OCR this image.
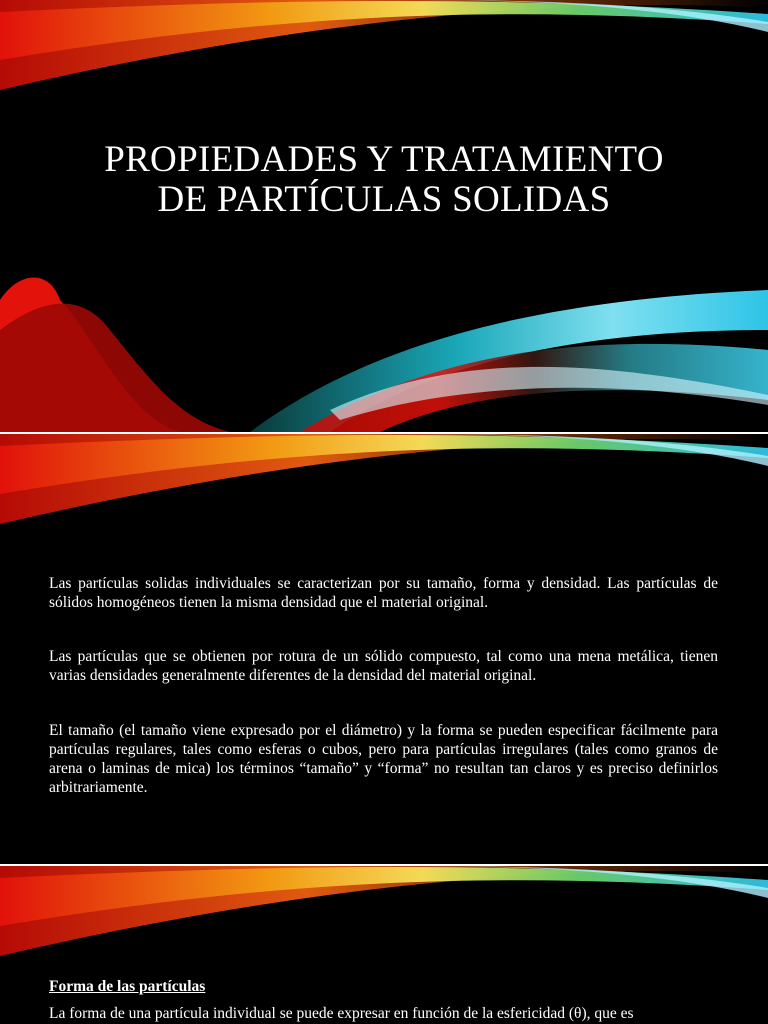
PROPIEDADES Y TRATAMIENTO
DE PARTÍCULAS SOLIDAS

Las partículas solidas individuales se caracterizan por su tamaño, forma y densidad. Las partículas de sólidos homogéneos tienen la misma densidad que el material original.

Las partículas que se obtienen por rotura de un sólido compuesto, tal como una mena metálica, tienen varias densidades generalmente diferentes de la densidad del material original.

El tamaño (el tamaño viene expresado por el diámetro) y la forma se pueden especificar fácilmente para partículas regulares, tales como esferas o cubos, pero para partículas irregulares (tales como granos de arena o laminas de mica) los términos “tamaño” y “forma” no resultan tan claros y es preciso definirlos arbitrariamente.

Forma de las partículas
La forma de una partícula individual se puede expresar en función de la esfericidad (θ), que es
